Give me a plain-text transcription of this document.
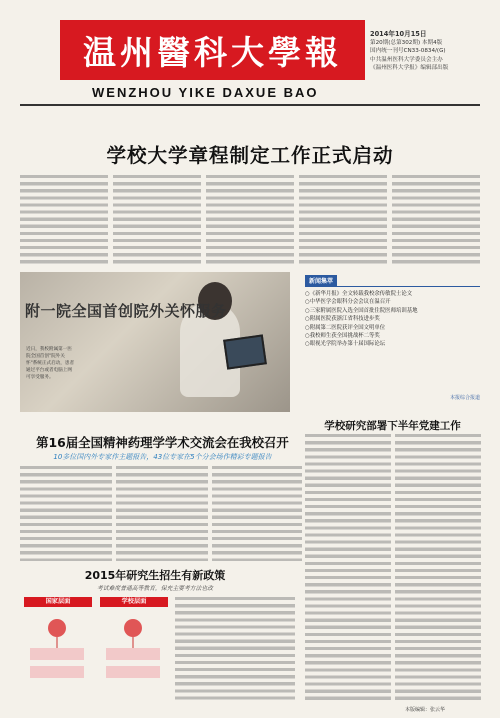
温州醫科大學報
WENZHOU YIKE DAXUE BAO
2014年10月15日
第20期(总第302期) 本期4版
国内统一刊号CN33-0834/(G)
中共温州医科大学委员会主办
《温州医科大学报》编辑部出版
学校大学章程制定工作正式启动
附一院全国首创院外关怀服务
近日，我校附属第一医院全国首创"院外关怀"系统正式启动，患者通过平台或者电脑上网可享受服务。
新闻集萃
○《新华月报》全文转载我校余传敏院士论文
○中华医学会眼科分会会议在温召开
○三家附属医院入选全国首批住院医师培训基地
○附属医院获浙江省科技进步奖
○附属第二医院获评全国文明单位
○我校师生获全国挑战杯二等奖
○眼视光学院举办第十届国际论坛
本报综合报道
学校研究部署下半年党建工作
第16届全国精神药理学学术交流会在我校召开
10多位国内外专家作主题报告，43位专家在5个分会场作精彩专题报告
2015年研究生招生有新政策
考试难度普通高等教育，保充主要考方法也改
国家层面	学校层面
本版编辑：张云华
